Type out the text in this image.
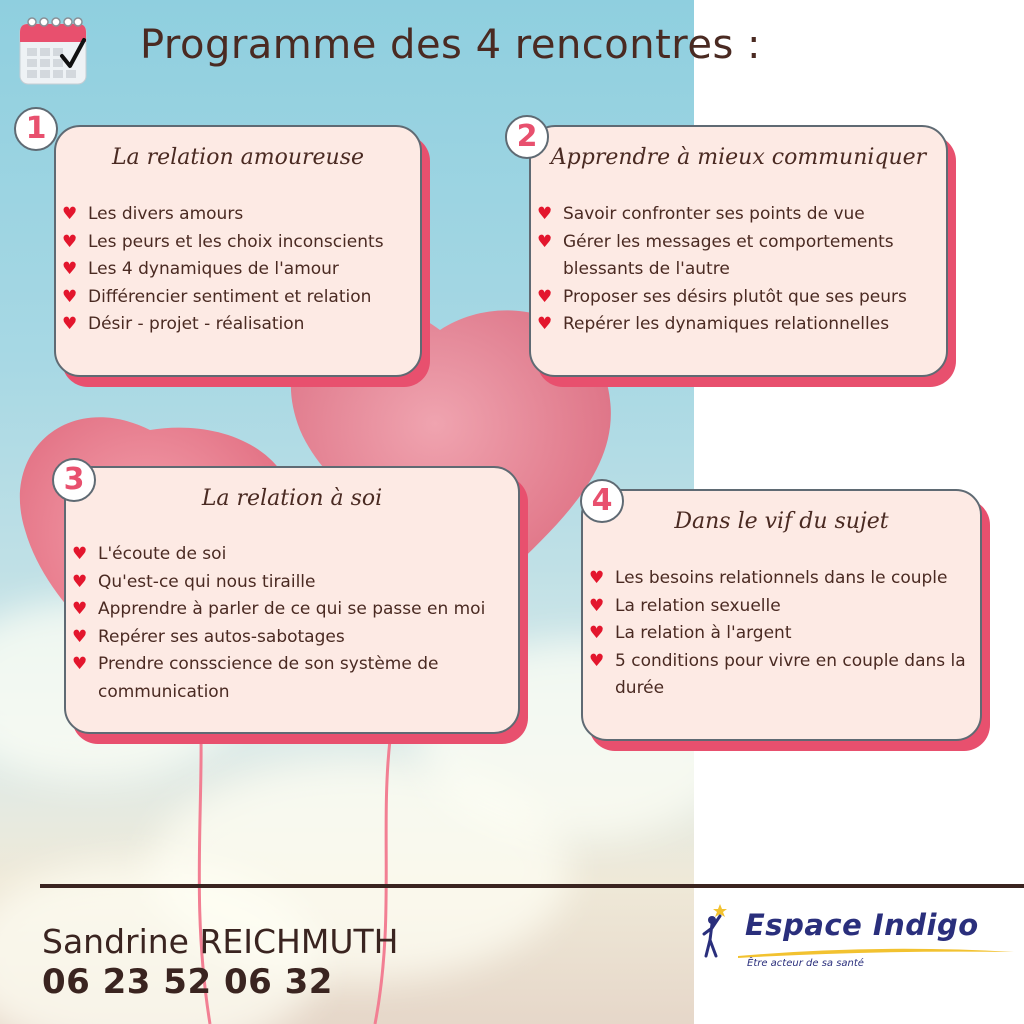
Programme des 4 rencontres :
La relation amoureuse
♥ Les divers amours
♥ Les peurs et les choix inconscients
♥ Les 4 dynamiques de l'amour
♥ Différencier sentiment et relation
♥ Désir - projet - réalisation
1
Apprendre à mieux communiquer
♥ Savoir confronter ses points de vue
♥ Gérer les messages et comportements blessants de l'autre
♥ Proposer ses désirs plutôt que ses peurs
♥ Repérer les dynamiques relationnelles
2
La relation à soi
♥ L'écoute de soi
♥ Qu'est-ce qui nous tiraille
♥ Apprendre à parler de ce qui se passe en moi
♥ Repérer ses autos-sabotages
♥ Prendre consscience de son système de communication
3
Dans le vif du sujet
♥ Les besoins relationnels dans le couple
♥ La relation sexuelle
♥ La relation à l'argent
♥ 5 conditions pour vivre en couple dans la durée
4
Sandrine REICHMUTH
06 23 52 06 32
Espace Indigo
Être acteur de sa santé
